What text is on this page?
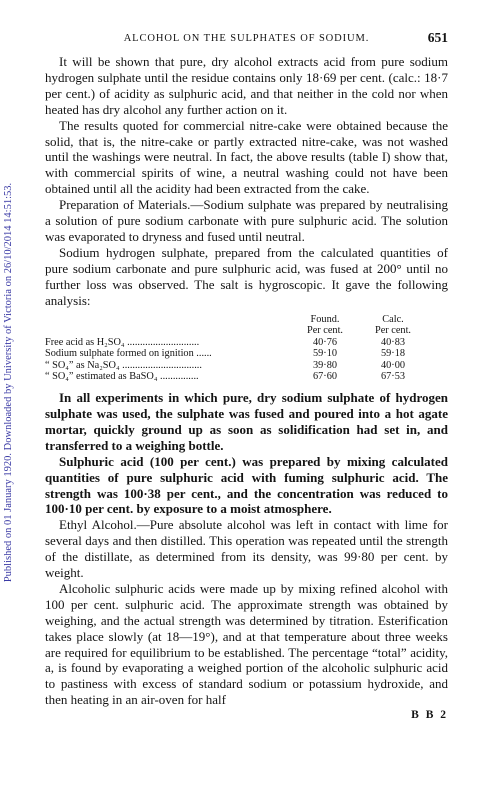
Published on 01 January 1920. Downloaded by University of Victoria on 26/10/2014 14:51:53.
ALCOHOL ON THE SULPHATES OF SODIUM.	651

It will be shown that pure, dry alcohol extracts acid from pure sodium hydrogen sulphate until the residue contains only 18·69 per cent. (calc.: 18·7 per cent.) of acidity as sulphuric acid, and that neither in the cold nor when heated has dry alcohol any further action on it.

The results quoted for commercial nitre-cake were obtained because the solid, that is, the nitre-cake or partly extracted nitre-cake, was not washed until the washings were neutral. In fact, the above results (table I) show that, with commercial spirits of wine, a neutral washing could not have been obtained until all the acidity had been extracted from the cake.

Preparation of Materials.—Sodium sulphate was prepared by neutralising a solution of pure sodium carbonate with pure sulphuric acid. The solution was evaporated to dryness and fused until neutral.

Sodium hydrogen sulphate, prepared from the calculated quantities of pure sodium carbonate and pure sulphuric acid, was fused at 200° until no further loss was observed. The salt is hygroscopic. It gave the following analysis:

Found.	Calc.
Per cent.	Per cent.
Free acid as H₂SO₄ ............................	40·76	40·83
Sodium sulphate formed on ignition ......	59·10	59·18
“ SO₄” as Na₂SO₄ ...............................	39·80	40·00
“ SO₄” estimated as BaSO₄ ...............	67·60	67·53

In all experiments in which pure, dry sodium sulphate of hydrogen sulphate was used, the sulphate was fused and poured into a hot agate mortar, quickly ground up as soon as solidification had set in, and transferred to a weighing bottle.

Sulphuric acid (100 per cent.) was prepared by mixing calculated quantities of pure sulphuric acid with fuming sulphuric acid. The strength was 100·38 per cent., and the concentration was reduced to 100·10 per cent. by exposure to a moist atmosphere.

Ethyl Alcohol.—Pure absolute alcohol was left in contact with lime for several days and then distilled. This operation was repeated until the strength of the distillate, as determined from its density, was 99·80 per cent. by weight.

Alcoholic sulphuric acids were made up by mixing refined alcohol with 100 per cent. sulphuric acid. The approximate strength was obtained by weighing, and the actual strength was determined by titration. Esterification takes place slowly (at 18—19°), and at that temperature about three weeks are required for equilibrium to be established. The percentage “total” acidity, a, is found by evaporating a weighed portion of the alcoholic sulphuric acid to pastiness with excess of standard sodium or potassium hydroxide, and then heating in an air-oven for half

B B 2
